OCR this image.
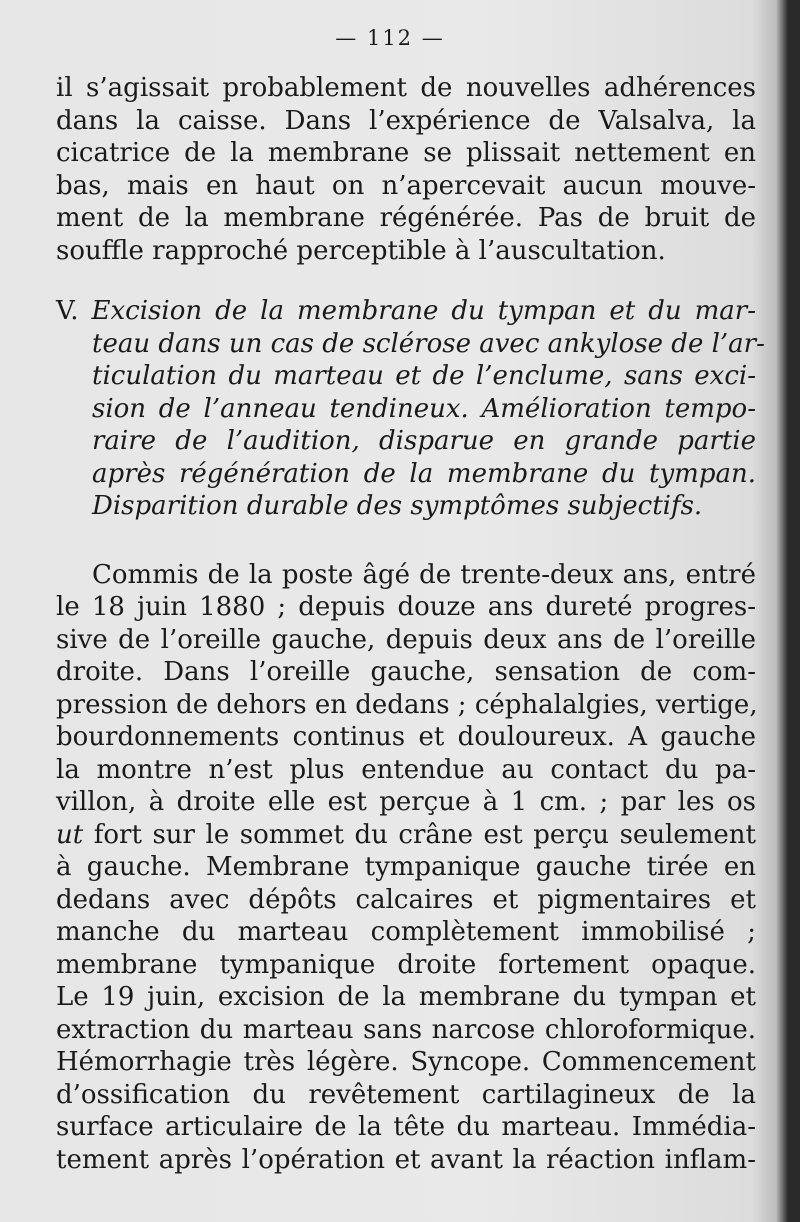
— 112 —
il s’agissait probablement de nouvelles adhérences
dans la caisse. Dans l’expérience de Valsalva, la
cicatrice de la membrane se plissait nettement en
bas, mais en haut on n’apercevait aucun mouve-
ment de la membrane régénérée. Pas de bruit de
souffle rapproché perceptible à l’auscultation.
V. Excision de la membrane du tympan et du mar-
teau dans un cas de sclérose avec ankylose de l’ar-
ticulation du marteau et de l’enclume, sans exci-
sion de l’anneau tendineux. Amélioration tempo-
raire de l’audition, disparue en grande partie
après régénération de la membrane du tympan.
Disparition durable des symptômes subjectifs.
Commis de la poste âgé de trente-deux ans, entré
le 18 juin 1880 ; depuis douze ans dureté progres-
sive de l’oreille gauche, depuis deux ans de l’oreille
droite. Dans l’oreille gauche, sensation de com-
pression de dehors en dedans ; céphalalgies, vertige,
bourdonnements continus et douloureux. A gauche
la montre n’est plus entendue au contact du pa-
villon, à droite elle est perçue à 1 cm. ; par les os
ut fort sur le sommet du crâne est perçu seulement
à gauche. Membrane tympanique gauche tirée en
dedans avec dépôts calcaires et pigmentaires et
manche du marteau complètement immobilisé ;
membrane tympanique droite fortement opaque.
Le 19 juin, excision de la membrane du tympan et
extraction du marteau sans narcose chloroformique.
Hémorrhagie très légère. Syncope. Commencement
d’ossification du revêtement cartilagineux de la
surface articulaire de la tête du marteau. Immédia-
tement après l’opération et avant la réaction inflam-
